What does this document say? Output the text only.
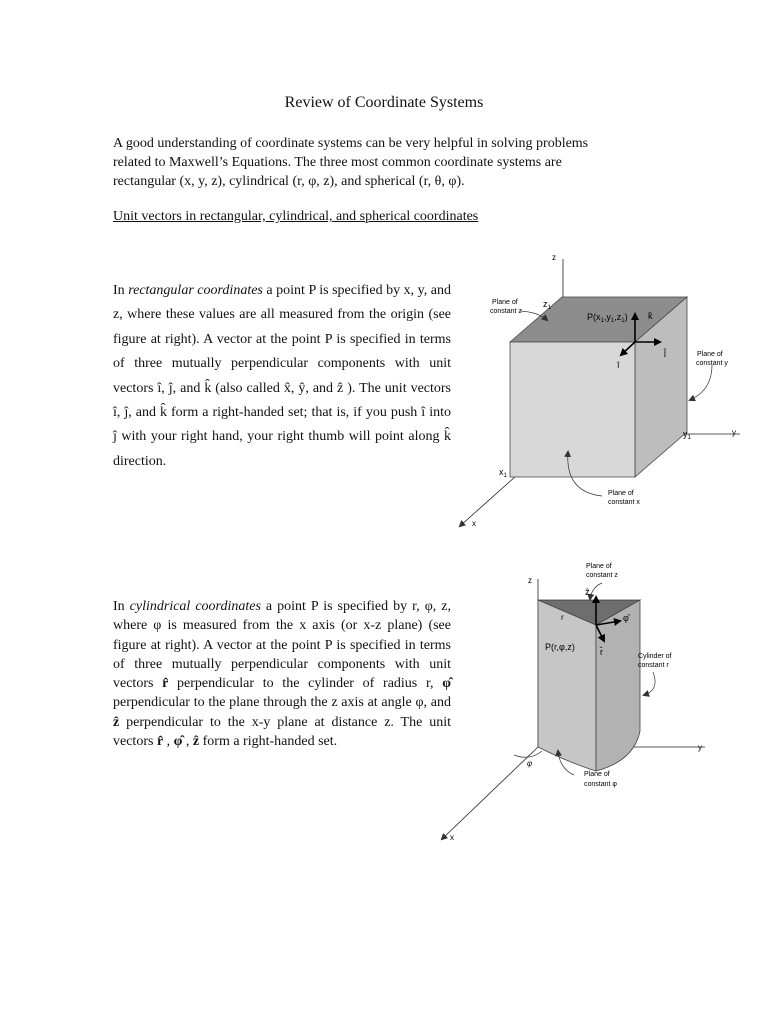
Review of Coordinate Systems
A good understanding of coordinate systems can be very helpful in solving problems
related to Maxwell’s Equations. The three most common coordinate systems are
rectangular (x, y, z), cylindrical (r, φ, z), and spherical (r, θ, φ).
Unit vectors in rectangular, cylindrical, and spherical coordinates

In rectangular coordinates a point P is specified by x, y, and z, where these values are all measured from the origin (see figure at right). A vector at the point P is specified in terms of three mutually perpendicular components with unit vectors î, ĵ, and k̂ (also called x̂, ŷ, and ẑ ). The unit vectors î, ĵ, and k̂ form a right-handed set; that is, if you push î into ĵ with your right hand, your right thumb will point along k̂ direction.

In cylindrical coordinates a point P is specified by r, φ, z, where φ is measured from the x axis (or x-z plane) (see figure at right). A vector at the point P is specified in terms of three mutually perpendicular components with unit vectors r̂ perpendicular to the cylinder of radius r, φ̂ perpendicular to the plane through the z axis at angle φ, and ẑ perpendicular to the x-y plane at distance z. The unit vectors r̂ , φ̂ , ẑ form a right-handed set.

z
y
x
$z_1$
$y_1$
$x_1$
$P(x_1,y_1,z_1)$ k̂
ĵ
î
Plane of
constant z
Plane of
constant y
Plane of
constant x
z
y
x
ẑ
φ̂
r̂
r
φ
P(r,φ,z)
Plane of
constant z
Cylinder of
constant r
Plane of
constant φ
